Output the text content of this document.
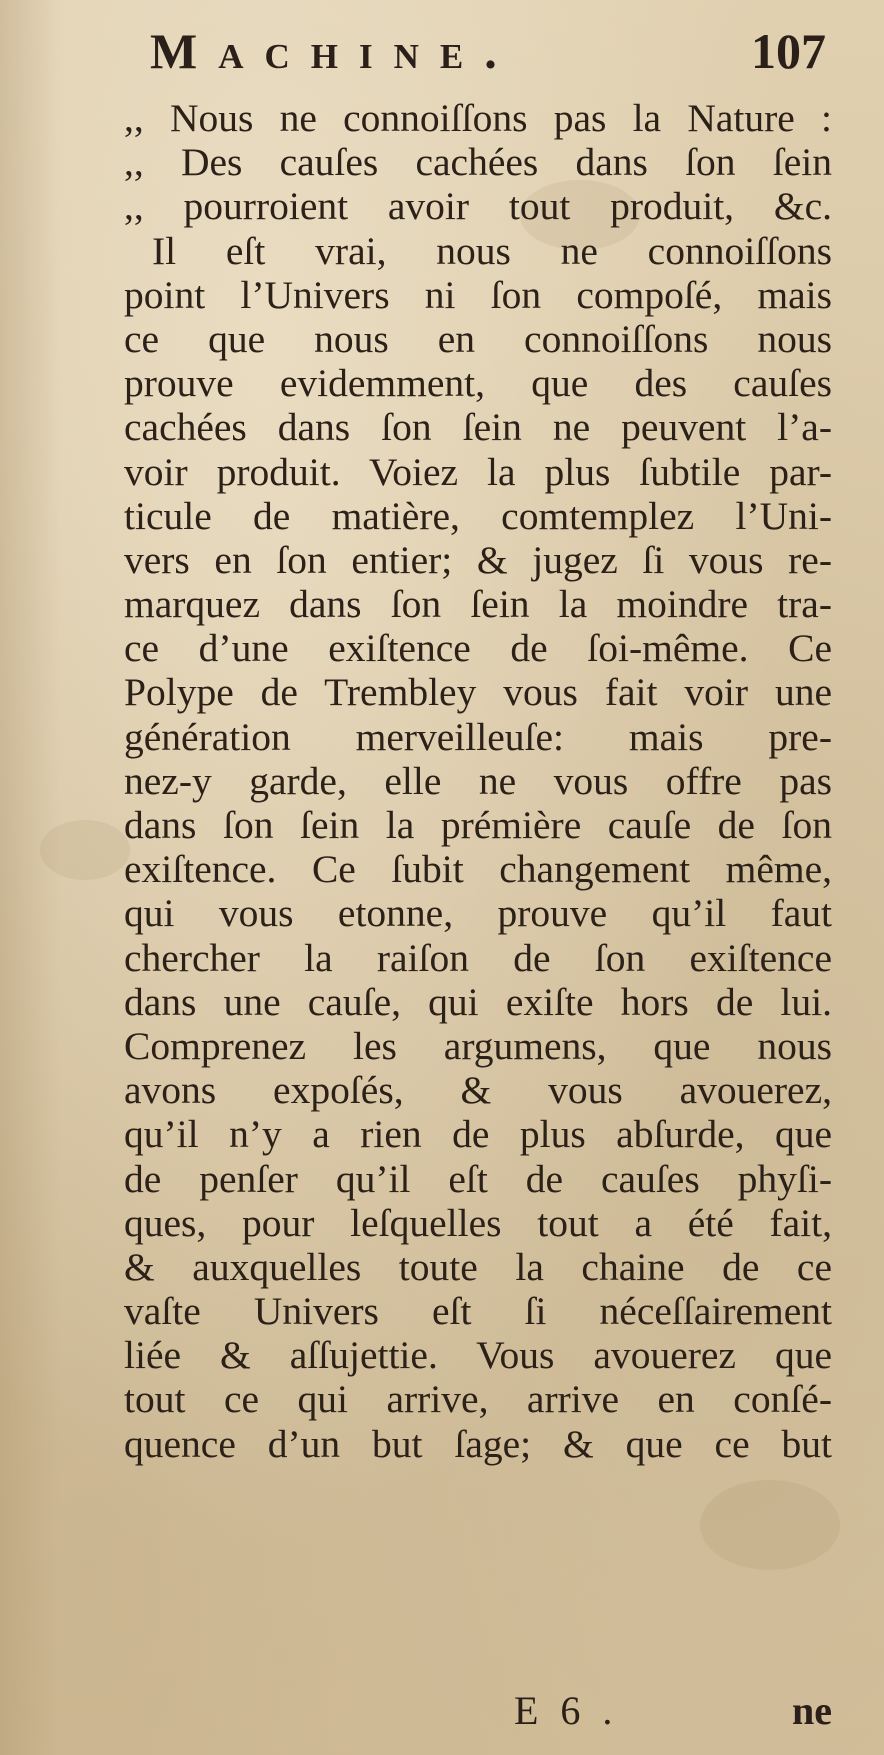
Machine.	107
,, Nous ne connoiſſons pas la Nature :
,, Des cauſes cachées dans ſon ſein
,, pourroient avoir tout produit, &c.
Il eſt vrai, nous ne connoiſſons
point l’Univers ni ſon compoſé, mais
ce que nous en connoiſſons nous
prouve evidemment, que des cauſes
cachées dans ſon ſein ne peuvent l’a-
voir produit. Voiez la plus ſubtile par-
ticule de matière, comtemplez l’Uni-
vers en ſon entier; & jugez ſi vous re-
marquez dans ſon ſein la moindre tra-
ce d’une exiſtence de ſoi-même. Ce
Polype de Trembley vous fait voir une
génération merveilleuſe: mais pre-
nez-y garde, elle ne vous offre pas
dans ſon ſein la prémière cauſe de ſon
exiſtence. Ce ſubit changement même,
qui vous etonne, prouve qu’il faut
chercher la raiſon de ſon exiſtence
dans une cauſe, qui exiſte hors de lui.
Comprenez les argumens, que nous
avons expoſés, & vous avouerez,
qu’il n’y a rien de plus abſurde, que
de penſer qu’il eſt de cauſes phyſi-
ques, pour leſquelles tout a été fait,
& auxquelles toute la chaine de ce
vaſte Univers eſt ſi néceſſairement
liée & aſſujettie. Vous avouerez que
tout ce qui arrive, arrive en conſé-
quence d’un but ſage; & que ce but
E 6 .	ne
